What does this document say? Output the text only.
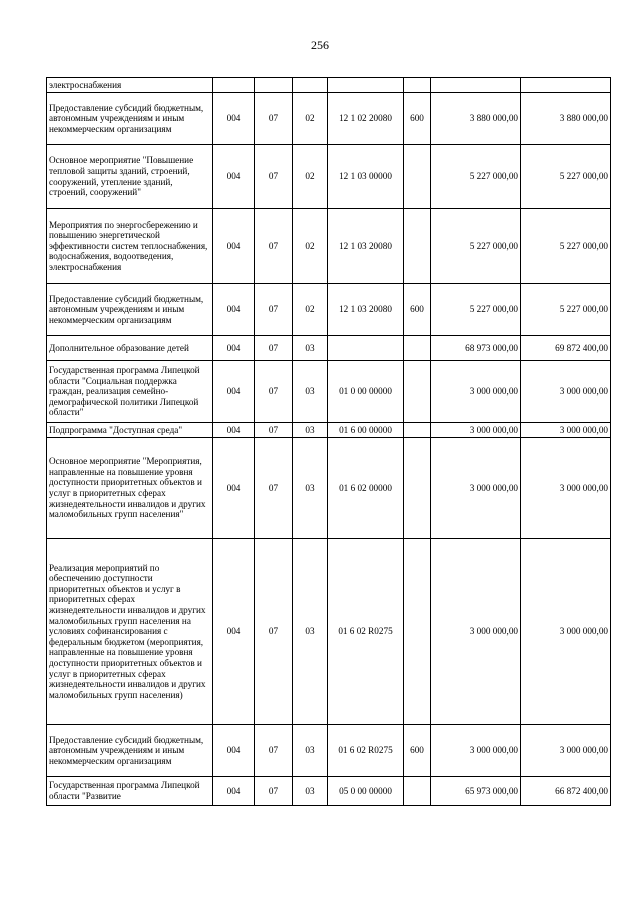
256
электроснабжения							
Предоставление субсидий бюджетным, автономным учреждениям и иным некоммерческим организациям	004	07	02	12 1 02 20080	600	3 880 000,00	3 880 000,00
Основное мероприятие "Повышение тепловой защиты зданий, строений, сооружений, утепление зданий, строений, сооружений"	004	07	02	12 1 03 00000		5 227 000,00	5 227 000,00
Мероприятия по энергосбережению и повышению энергетической эффективности систем теплоснабжения, водоснабжения, водоотведения, электроснабжения	004	07	02	12 1 03 20080		5 227 000,00	5 227 000,00
Предоставление субсидий бюджетным, автономным учреждениям и иным некоммерческим организациям	004	07	02	12 1 03 20080	600	5 227 000,00	5 227 000,00
Дополнительное образование детей	004	07	03			68 973 000,00	69 872 400,00
Государственная программа Липецкой области "Социальная поддержка граждан, реализация семейно-демографической политики Липецкой области"	004	07	03	01 0 00 00000		3 000 000,00	3 000 000,00
Подпрограмма "Доступная среда"	004	07	03	01 6 00 00000		3 000 000,00	3 000 000,00
Основное мероприятие "Мероприятия, направленные на повышение уровня доступности приоритетных объектов и услуг в приоритетных сферах жизнедеятельности инвалидов и других маломобильных групп населения"	004	07	03	01 6 02 00000		3 000 000,00	3 000 000,00
Реализация мероприятий по обеспечению доступности приоритетных объектов и услуг в приоритетных сферах жизнедеятельности инвалидов и других маломобильных групп населения на условиях софинансирования с федеральным бюджетом (мероприятия, направленные на повышение уровня доступности приоритетных объектов и услуг в приоритетных сферах жизнедеятельности инвалидов и других маломобильных групп населения)	004	07	03	01 6 02 R0275		3 000 000,00	3 000 000,00
Предоставление субсидий бюджетным, автономным учреждениям и иным некоммерческим организациям	004	07	03	01 6 02 R0275	600	3 000 000,00	3 000 000,00
Государственная программа Липецкой области "Развитие	004	07	03	05 0 00 00000		65 973 000,00	66 872 400,00
